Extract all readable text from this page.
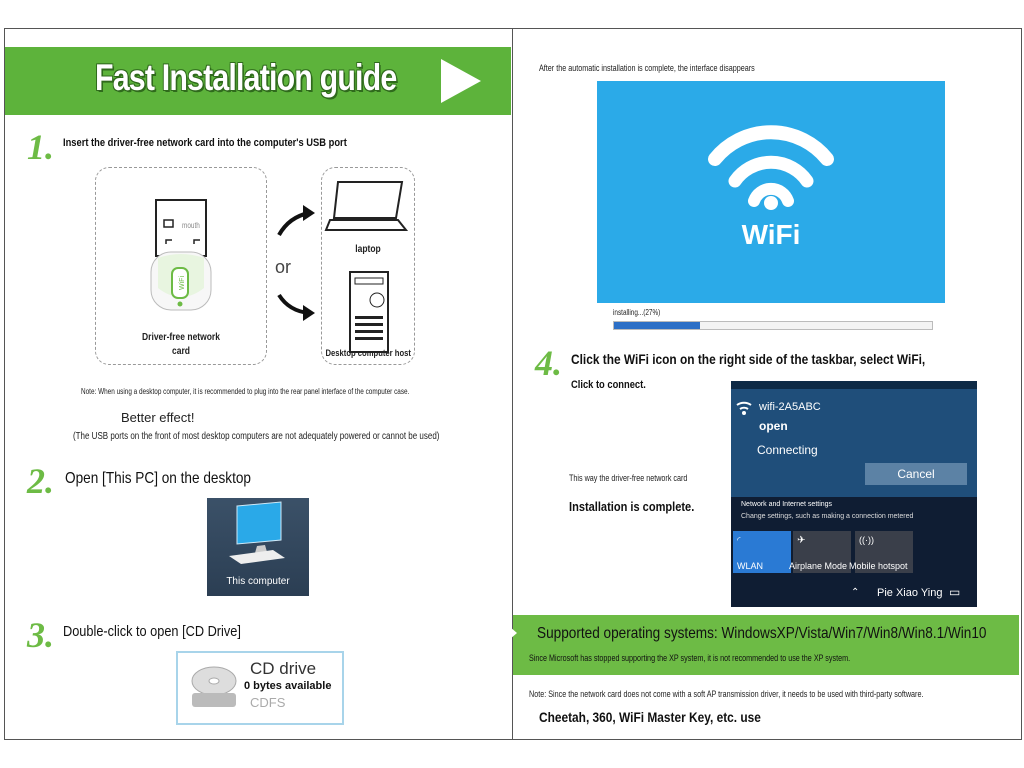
Fast Installation guide
1. Insert the driver-free network card into the computer's USB port
WiFi
mouth
Driver-free network
card
or
laptop
Desktop computer host
Note: When using a desktop computer, it is recommended to plug into the rear panel interface of the computer case.
Better effect!
(The USB ports on the front of most desktop computers are not adequately powered or cannot be used)
2. Open [This PC] on the desktop
This computer
3. Double-click to open [CD Drive]
CD drive
0 bytes available
CDFS
After the automatic installation is complete, the interface disappears
WiFi
installing...(27%)
4. Click the WiFi icon on the right side of the taskbar, select WiFi,
Click to connect.
This way the driver-free network card
Installation is complete.
wifi-2A5ABC
open
Connecting
Cancel
Network and Internet settings
Change settings, such as making a connection metered
◜
WLAN
✈
Airplane Mode
((·))
Mobile hotspot
Pie Xiao Ying
⌃	▭
Supported operating systems: WindowsXP/Vista/Win7/Win8/Win8.1/Win10
Since Microsoft has stopped supporting the XP system, it is not recommended to use the XP system.
Note: Since the network card does not come with a soft AP transmission driver, it needs to be used with third-party software.
Cheetah, 360, WiFi Master Key, etc. use
